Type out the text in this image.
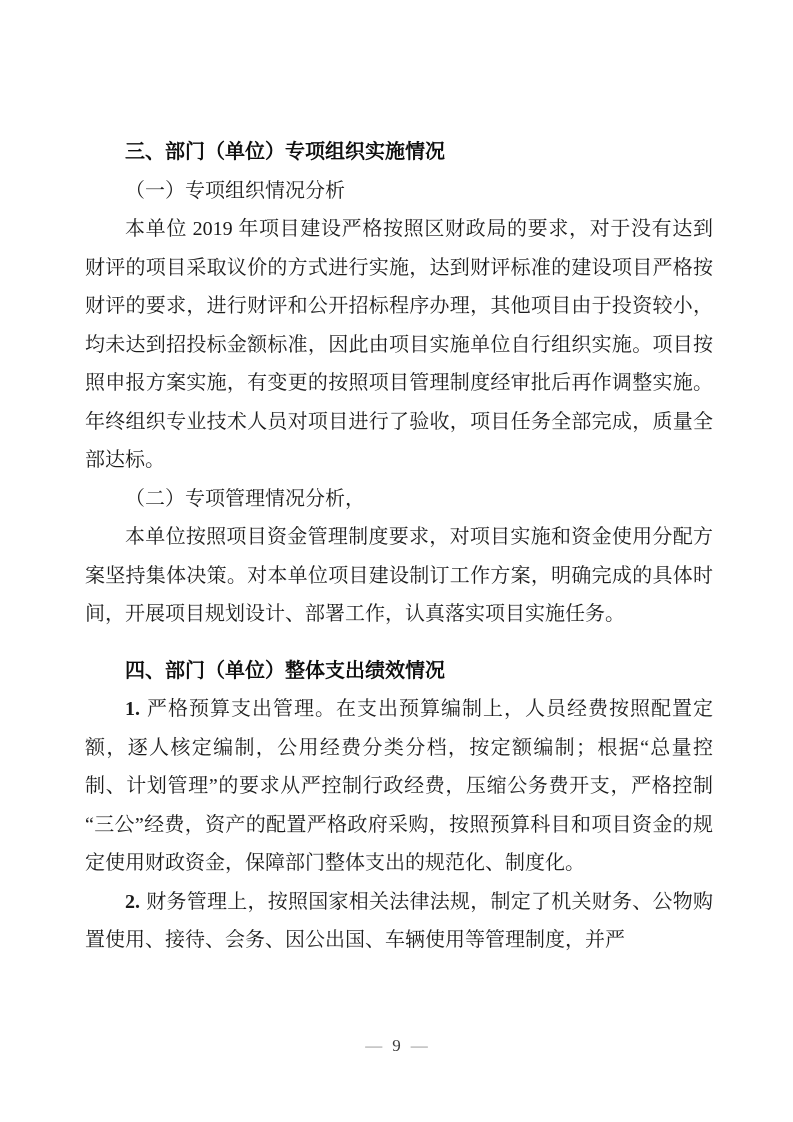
三、部门（单位）专项组织实施情况
（一）专项组织情况分析

本单位 2019 年项目建设严格按照区财政局的要求，对于没有达到财评的项目采取议价的方式进行实施，达到财评标准的建设项目严格按财评的要求，进行财评和公开招标程序办理，其他项目由于投资较小，均未达到招投标金额标准，因此由项目实施单位自行组织实施。项目按照申报方案实施，有变更的按照项目管理制度经审批后再作调整实施。年终组织专业技术人员对项目进行了验收，项目任务全部完成，质量全部达标。

（二）专项管理情况分析，

本单位按照项目资金管理制度要求，对项目实施和资金使用分配方案坚持集体决策。对本单位项目建设制订工作方案，明确完成的具体时间，开展项目规划设计、部署工作，认真落实项目实施任务。

四、部门（单位）整体支出绩效情况

1. 严格预算支出管理。在支出预算编制上，人员经费按照配置定额，逐人核定编制，公用经费分类分档，按定额编制；根据“总量控制、计划管理”的要求从严控制行政经费，压缩公务费开支，严格控制“三公”经费，资产的配置严格政府采购，按照预算科目和项目资金的规定使用财政资金，保障部门整体支出的规范化、制度化。

2. 财务管理上，按照国家相关法律法规，制定了机关财务、公物购置使用、接待、会务、因公出国、车辆使用等管理制度，并严

— 9 —
